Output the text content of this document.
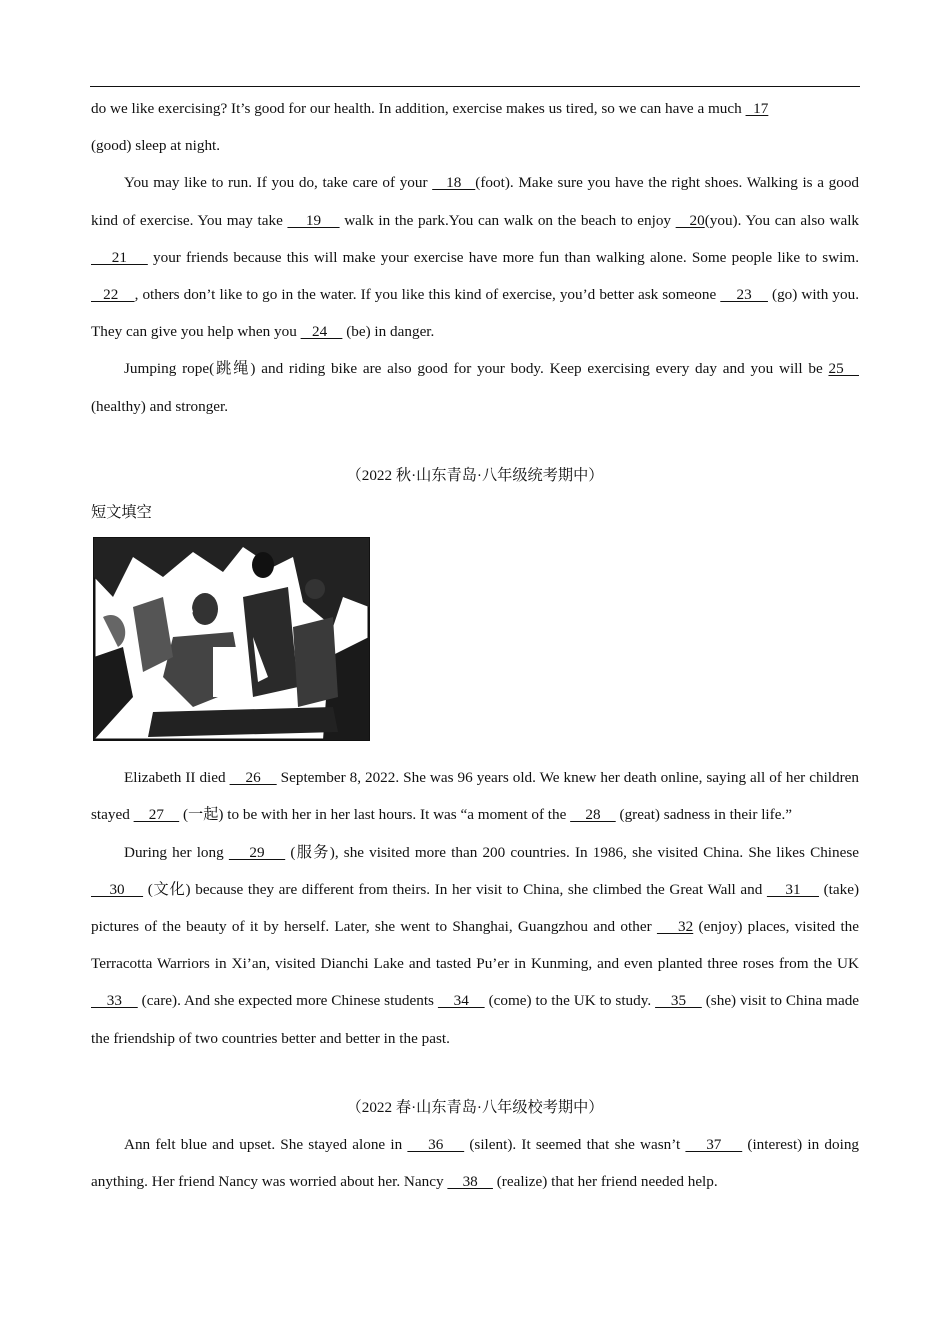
do we like exercising? It’s good for our health. In addition, exercise makes us tired, so we can have a much   17
(good) sleep at night.

You may like to run. If you do, take care of your    18   (foot). Make sure you have the right shoes. Walking is a good kind of exercise. You may take     19     walk in the park.You can walk on the beach to enjoy    20(you). You can also walk     21     your friends because this will make your exercise have more fun than walking alone. Some people like to swim.    22    , others don’t like to go in the water. If you like this kind of exercise, you’d better ask someone     23     (go) with you. They can give you help when you    24     (be) in danger.

Jumping rope(跳绳) and riding bike are also good for your body. Keep exercising every day and you will be 25    (healthy) and stronger.

（2022 秋·山东青岛·八年级统考期中）
短文填空

Elizabeth II died     26     September 8, 2022. She was 96 years old. We knew her death online, saying all of her children stayed     27     (一起) to be with her in her last hours. It was “a moment of the     28     (great) sadness in their life.”

During her long     29     (服务), she visited more than 200 countries. In 1986, she visited China. She likes Chinese     30     (文化) because they are different from theirs. In her visit to China, she climbed the Great Wall and     31     (take) pictures of the beauty of it by herself. Later, she went to Shanghai, Guangzhou and other     32 (enjoy) places, visited the Terracotta Warriors in Xi’an, visited Dianchi Lake and tasted Pu’er in Kunming, and even planted three roses from the UK     33     (care). And she expected more Chinese students     34     (come) to the UK to study.     35     (she) visit to China made the friendship of two countries better and better in the past.

（2022 春·山东青岛·八年级校考期中）

Ann felt blue and upset. She stayed alone in     36     (silent). It seemed that she wasn’t     37     (interest) in doing anything. Her friend Nancy was worried about her. Nancy     38     (realize) that her friend needed help.
